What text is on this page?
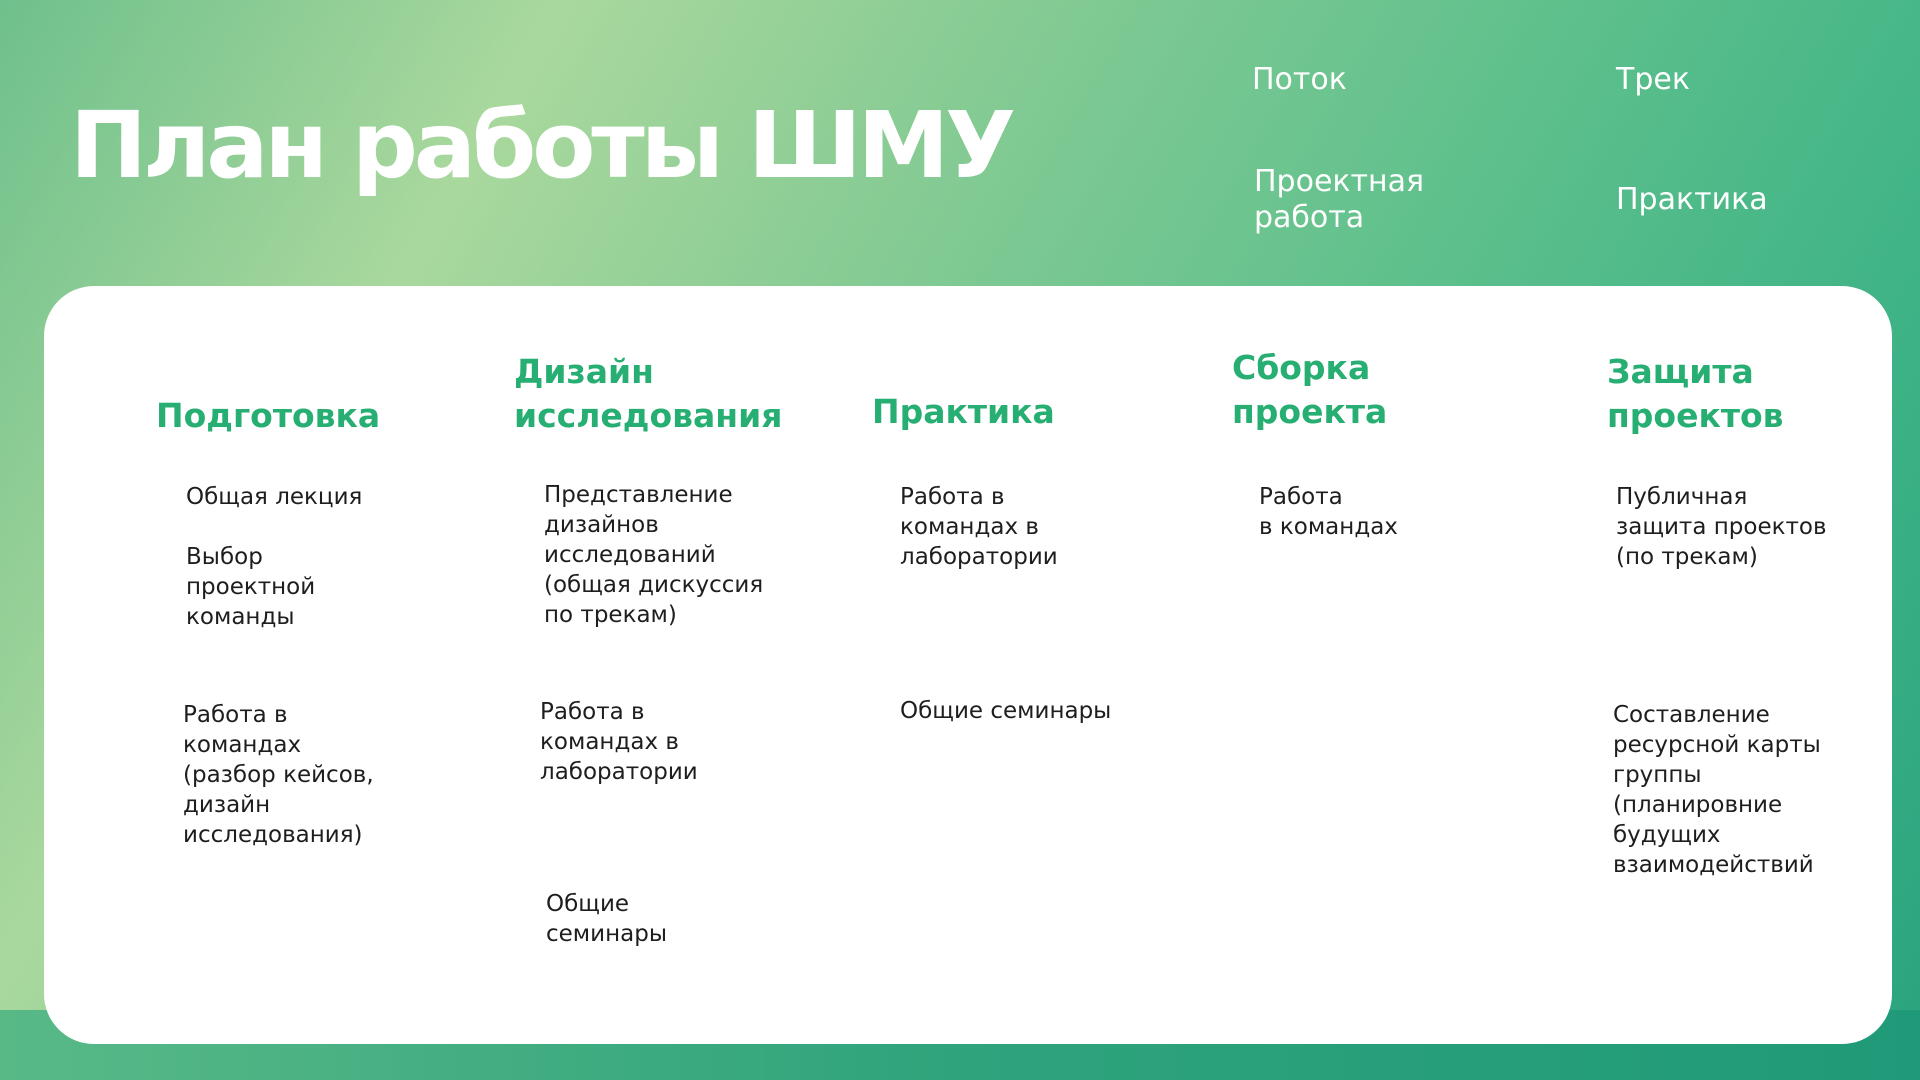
План работы ШМУ
Поток	Трек
Проектная
работа
Практика
Подготовка
Общая лекция

Выбор
проектной
команды
Работа в
командах
(разбор кейсов,
дизайн
исследования)
Дизайн
исследования
Представление
дизайнов
исследований
(общая дискуссия
по трекам)
Работа в
командах в
лаборатории
Общие
семинары
Практика
Работа в
командах в
лаборатории
Общие семинары
Сборка
проекта
Работа
в командах
Защита
проектов
Публичная
защита проектов
(по трекам)
Составление
ресурсной карты
группы
(планировние
будущих
взаимодействий
